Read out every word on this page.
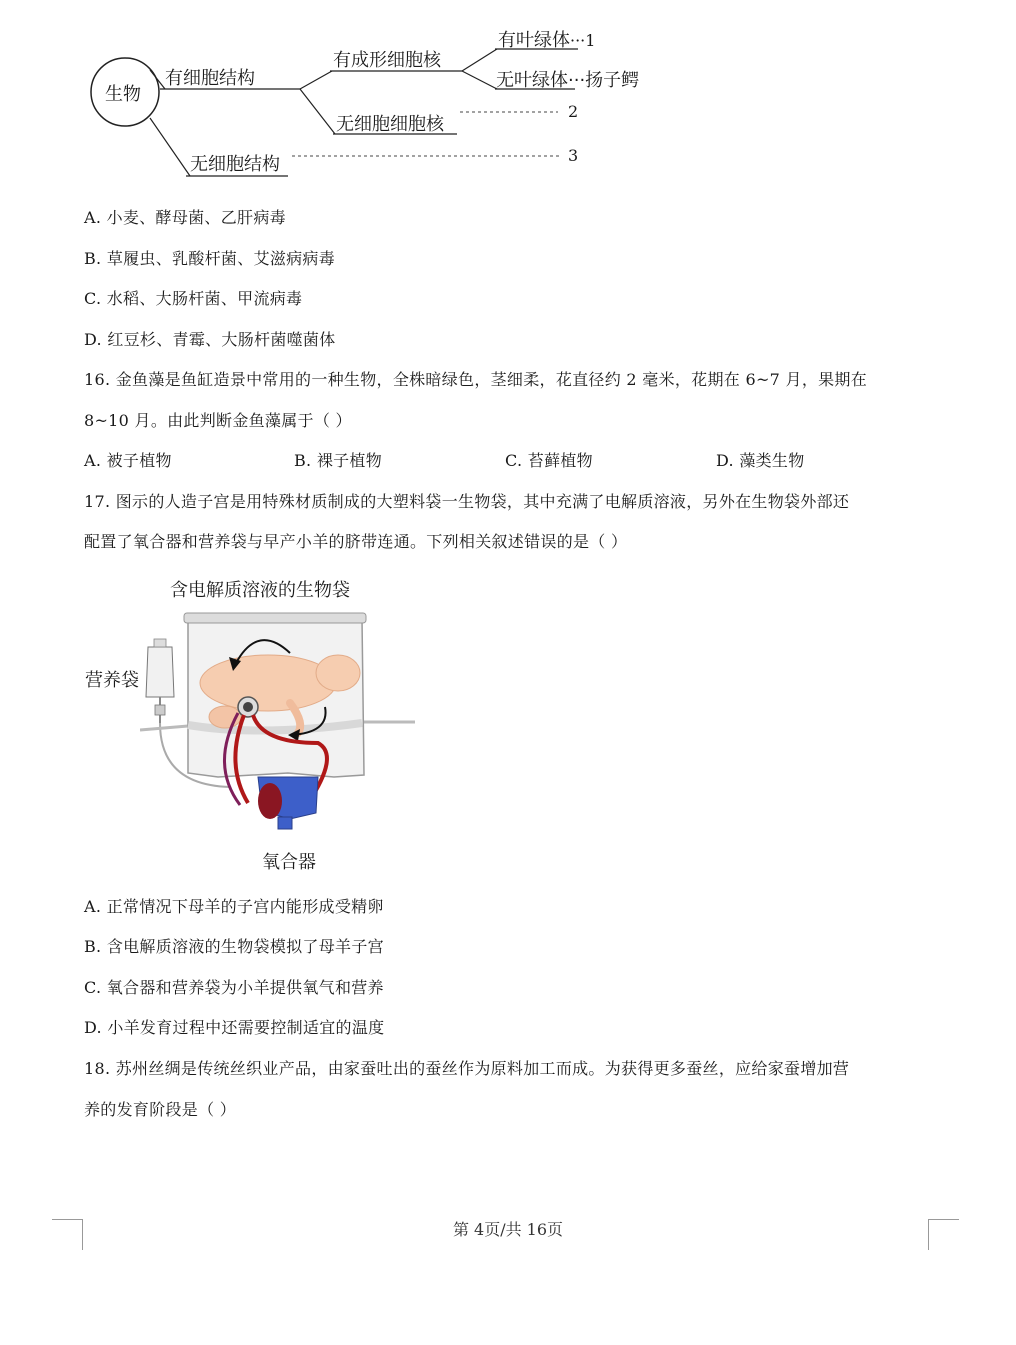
生物
有细胞结构
无细胞结构
有成形细胞核
无细胞细胞核
有叶绿体···1
无叶绿体···扬子鳄
2
3
A. 小麦、酵母菌、乙肝病毒
B. 草履虫、乳酸杆菌、艾滋病病毒
C. 水稻、大肠杆菌、甲流病毒
D. 红豆杉、青霉、大肠杆菌噬菌体
16. 金鱼藻是鱼缸造景中常用的一种生物，全株暗绿色，茎细柔，花直径约 2 毫米，花期在 6~7 月，果期在
8~10 月。由此判断金鱼藻属于（ ）
A. 被子植物	B. 裸子植物	C. 苔藓植物	D. 藻类生物
17. 图示的人造子宫是用特殊材质制成的大塑料袋一生物袋，其中充满了电解质溶液，另外在生物袋外部还
配置了氧合器和营养袋与早产小羊的脐带连通。下列相关叙述错误的是（ ）
含电解质溶液的生物袋
营养袋
氧合器
A. 正常情况下母羊的子宫内能形成受精卵
B. 含电解质溶液的生物袋模拟了母羊子宫
C. 氧合器和营养袋为小羊提供氧气和营养
D. 小羊发育过程中还需要控制适宜的温度
18. 苏州丝绸是传统丝织业产品，由家蚕吐出的蚕丝作为原料加工而成。为获得更多蚕丝，应给家蚕增加营
养的发育阶段是（ ）
第 4页/共 16页
